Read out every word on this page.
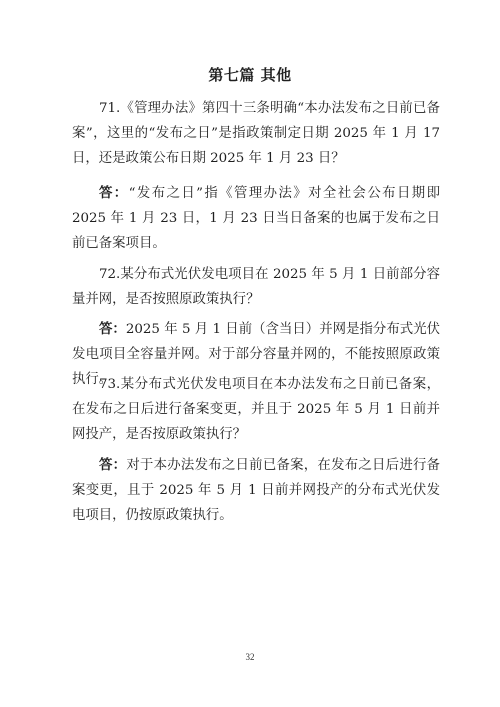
第七篇 其他

71.《管理办法》第四十三条明确“本办法发布之日前已备案”，这里的“发布之日”是指政策制定日期 2025 年 1 月 17 日，还是政策公布日期 2025 年 1 月 23 日？

答：“发布之日”指《管理办法》对全社会公布日期即 2025 年 1 月 23 日，1 月 23 日当日备案的也属于发布之日前已备案项目。

72.某分布式光伏发电项目在 2025 年 5 月 1 日前部分容量并网，是否按照原政策执行？

答：2025 年 5 月 1 日前（含当日）并网是指分布式光伏发电项目全容量并网。对于部分容量并网的，不能按照原政策执行。

73.某分布式光伏发电项目在本办法发布之日前已备案，在发布之日后进行备案变更，并且于 2025 年 5 月 1 日前并网投产，是否按原政策执行？

答：对于本办法发布之日前已备案，在发布之日后进行备案变更，且于 2025 年 5 月 1 日前并网投产的分布式光伏发电项目，仍按原政策执行。

32
